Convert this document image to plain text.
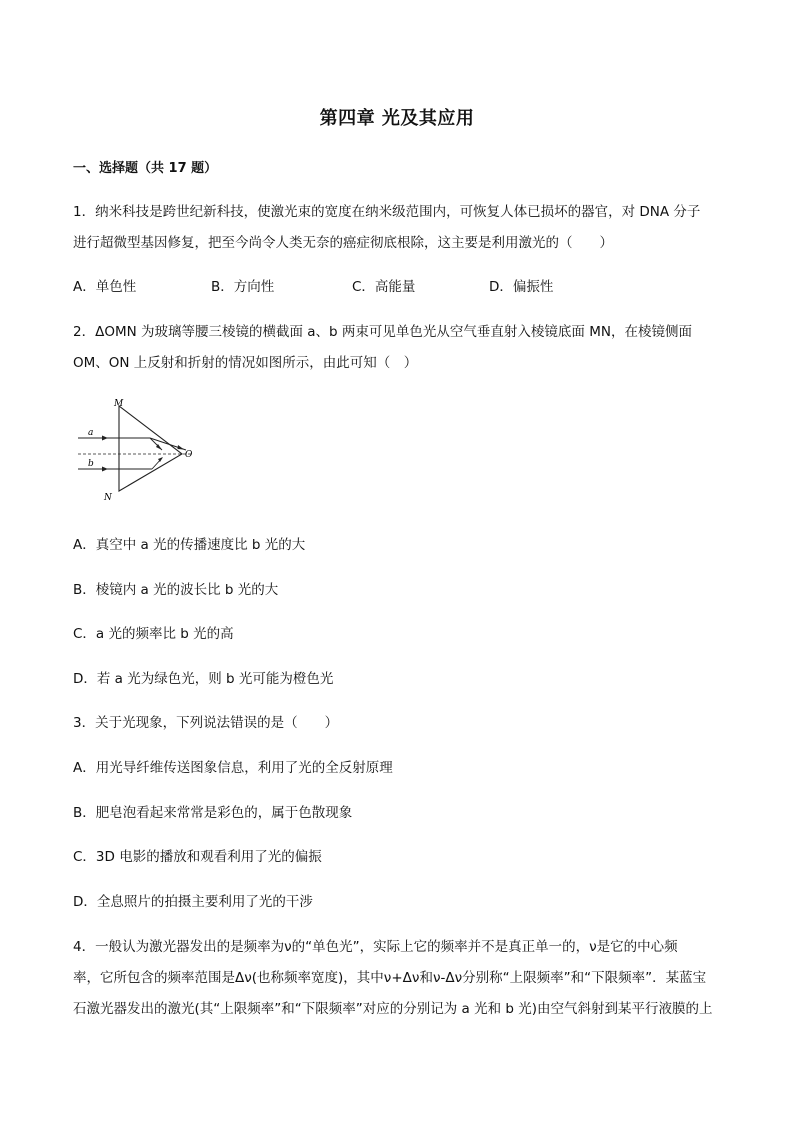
第四章 光及其应用
一、选择题（共 17 题）
1．纳米科技是跨世纪新科技，使激光束的宽度在纳米级范围内，可恢复人体已损坏的器官，对 DNA 分子
进行超微型基因修复，把至今尚令人类无奈的癌症彻底根除，这主要是利用激光的（　　）
A．单色性	B．方向性	C．高能量	D．偏振性
2．ΔOMN 为玻璃等腰三棱镜的横截面 a、b 两束可见单色光从空气垂直射入棱镜底面 MN，在棱镜侧面
OM、ON 上反射和折射的情况如图所示，由此可知（　）
M
N
O
a
b
A．真空中 a 光的传播速度比 b 光的大
B．棱镜内 a 光的波长比 b 光的大
C．a 光的频率比 b 光的高
D．若 a 光为绿色光，则 b 光可能为橙色光
3．关于光现象，下列说法错误的是（　　）
A．用光导纤维传送图象信息，利用了光的全反射原理
B．肥皂泡看起来常常是彩色的，属于色散现象
C．3D 电影的播放和观看利用了光的偏振
D．全息照片的拍摄主要利用了光的干涉
4．一般认为激光器发出的是频率为ν的“单色光”，实际上它的频率并不是真正单一的，ν是它的中心频
率，它所包含的频率范围是Δν(也称频率宽度)，其中ν+Δν和ν-Δν分别称“上限频率”和“下限频率”．某蓝宝
石激光器发出的激光(其“上限频率”和“下限频率”对应的分别记为 a 光和 b 光)由空气斜射到某平行液膜的上
